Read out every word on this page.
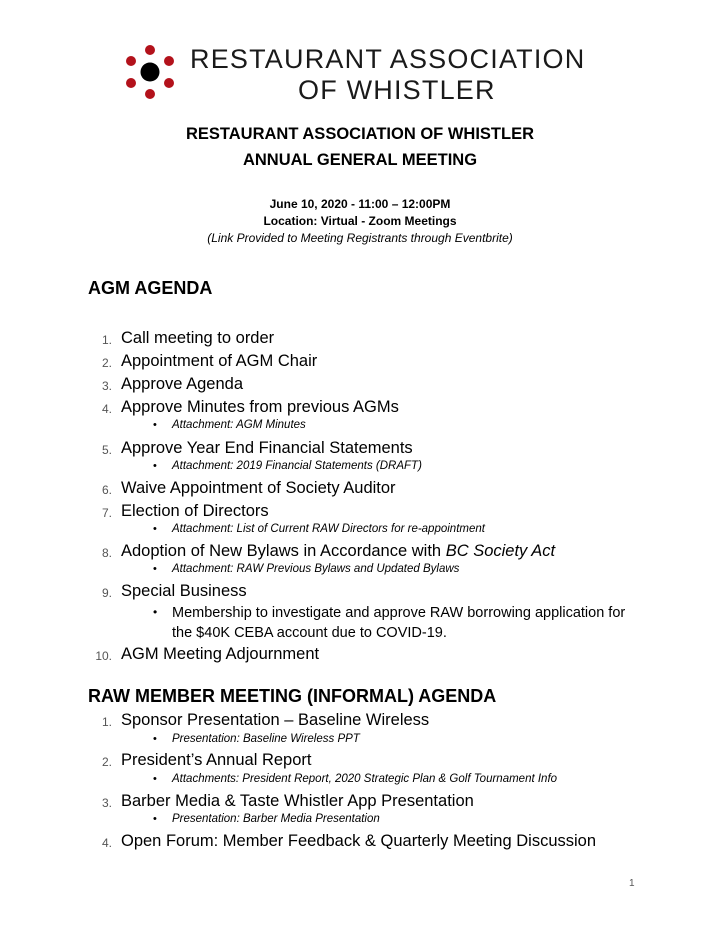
RESTAURANT ASSOCIATION
OF WHISTLER
RESTAURANT ASSOCIATION OF WHISTLER
ANNUAL GENERAL MEETING
June 10, 2020 - 11:00 – 12:00PM
Location: Virtual - Zoom Meetings
(Link Provided to Meeting Registrants through Eventbrite)
AGM AGENDA
1. Call meeting to order
2. Appointment of AGM Chair
3. Approve Agenda
4. Approve Minutes from previous AGMs
• Attachment: AGM Minutes
5. Approve Year End Financial Statements
• Attachment: 2019 Financial Statements (DRAFT)
6. Waive Appointment of Society Auditor
7. Election of Directors
• Attachment: List of Current RAW Directors for re-appointment
8. Adoption of New Bylaws in Accordance with BC Society Act
• Attachment: RAW Previous Bylaws and Updated Bylaws
9. Special Business
• Membership to investigate and approve RAW borrowing application for the $40K CEBA account due to COVID-19.
10. AGM Meeting Adjournment
RAW MEMBER MEETING (INFORMAL) AGENDA
1. Sponsor Presentation – Baseline Wireless
• Presentation: Baseline Wireless PPT
2. President’s Annual Report
• Attachments: President Report, 2020 Strategic Plan & Golf Tournament Info
3. Barber Media & Taste Whistler App Presentation
• Presentation: Barber Media Presentation
4. Open Forum: Member Feedback & Quarterly Meeting Discussion
1
